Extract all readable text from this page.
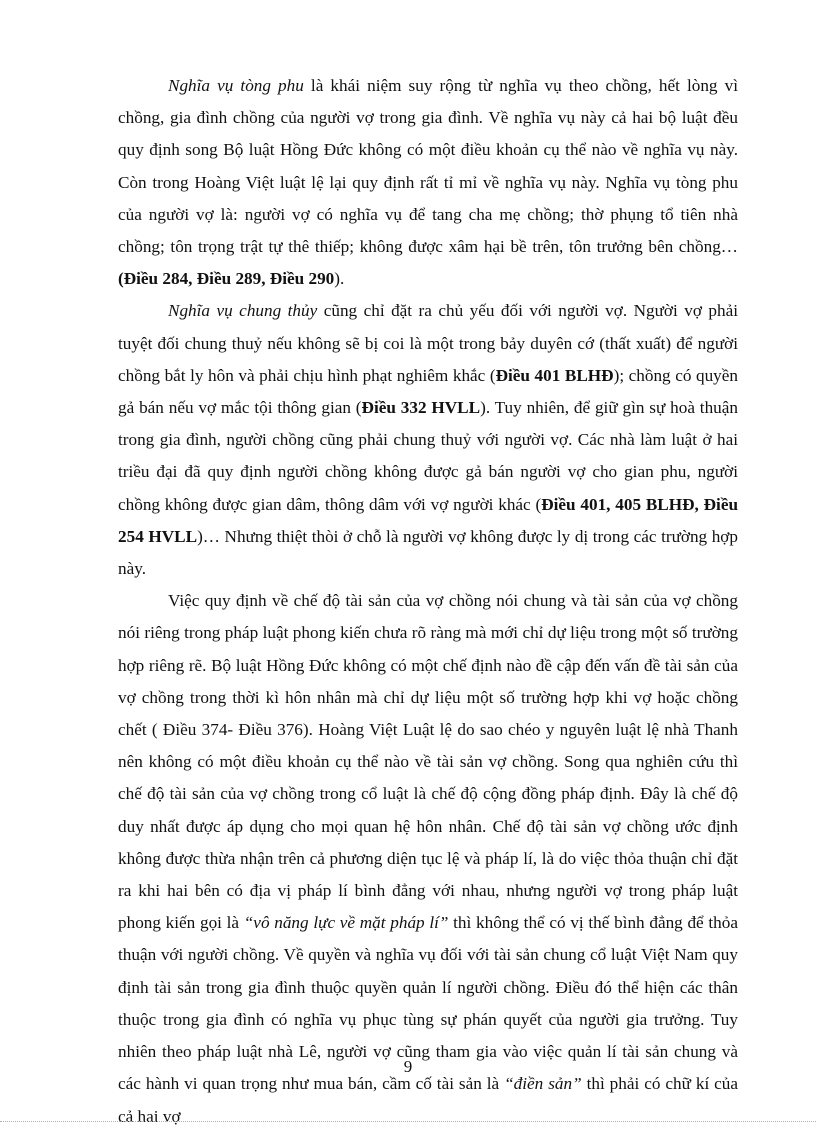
Nghĩa vụ tòng phu là khái niệm suy rộng từ nghĩa vụ theo chồng, hết lòng vì chồng, gia đình chồng của người vợ trong gia đình. Về nghĩa vụ này cả hai bộ luật đều quy định song Bộ luật Hồng Đức không có một điều khoản cụ thể nào về nghĩa vụ này. Còn trong Hoàng Việt luật lệ lại quy định rất tỉ mỉ về nghĩa vụ này. Nghĩa vụ tòng phu của người vợ là: người vợ có nghĩa vụ để tang cha mẹ chồng; thờ phụng tổ tiên nhà chồng; tôn trọng trật tự thê thiếp; không được xâm hại bề trên, tôn trưởng bên chồng…(Điều 284, Điều 289, Điều 290).

Nghĩa vụ chung thủy cũng chỉ đặt ra chủ yếu đối với người vợ. Người vợ phải tuyệt đối chung thuỷ nếu không sẽ bị coi là một trong bảy duyên cớ (thất xuất) để người chồng bắt ly hôn và phải chịu hình phạt nghiêm khắc (Điều 401 BLHĐ); chồng có quyền gả bán nếu vợ mắc tội thông gian (Điều 332 HVLL). Tuy nhiên, để giữ gìn sự hoà thuận trong gia đình, người chồng cũng phải chung thuỷ với người vợ. Các nhà làm luật ở hai triều đại đã quy định người chồng không được gả bán người vợ cho gian phu, người chồng không được gian dâm, thông dâm với vợ người khác (Điều 401, 405 BLHĐ, Điều 254 HVLL)… Nhưng thiệt thòi ở chỗ là người vợ không được ly dị trong các trường hợp này.

Việc quy định về chế độ tài sản của vợ chồng nói chung và tài sản của vợ chồng nói riêng trong pháp luật phong kiến chưa rõ ràng mà mới chỉ dự liệu trong một số trường hợp riêng rẽ. Bộ luật Hồng Đức không có một chế định nào đề cập đến vấn đề tài sản của vợ chồng trong thời kì hôn nhân mà chỉ dự liệu một số trường hợp khi vợ hoặc chồng chết ( Điều 374- Điều 376). Hoàng Việt Luật lệ do sao chéo y nguyên luật lệ nhà Thanh nên không có một điều khoản cụ thể nào về tài sản vợ chồng. Song qua nghiên cứu thì chế độ tài sản của vợ chồng trong cổ luật là chế độ cộng đồng pháp định. Đây là chế độ duy nhất được áp dụng cho mọi quan hệ hôn nhân. Chế độ tài sản vợ chồng ước định không được thừa nhận trên cả phương diện tục lệ và pháp lí, là do việc thỏa thuận chỉ đặt ra khi hai bên có địa vị pháp lí bình đẳng với nhau, nhưng người vợ trong pháp luật phong kiến gọi là “vô năng lực về mặt pháp lí” thì không thể có vị thế bình đẳng để thỏa thuận với người chồng. Về quyền và nghĩa vụ đối với tài sản chung cổ luật Việt Nam quy định tài sản trong gia đình thuộc quyền quản lí người chồng. Điều đó thể hiện các thân thuộc trong gia đình có nghĩa vụ phục tùng sự phán quyết của người gia trưởng. Tuy nhiên theo pháp luật nhà Lê, người vợ cũng tham gia vào việc quản lí tài sản chung và các hành vi quan trọng như mua bán, cầm cố tài sản là “điền sản” thì phải có chữ kí của cả hai vợ

9
